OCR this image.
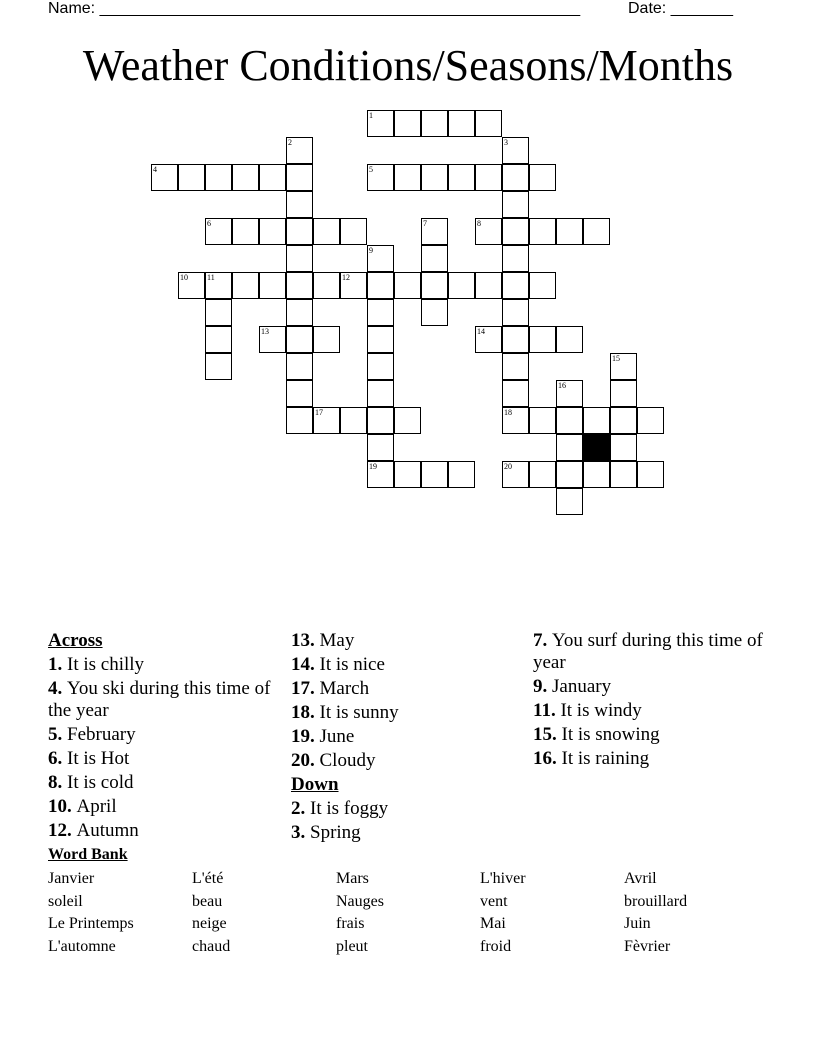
Name: ______________________________________________________	Date: _______
Weather Conditions/Seasons/Months
1
2	3
18
4	5
6	7	8
9
10 11	12
13	14
15
16
17
19	20
Across
1. It is chilly
4. You ski during this time of the year
5. February
6. It is Hot
8. It is cold
10. April
12. Autumn
13. May
14. It is nice
17. March
18. It is sunny
19. June
20. Cloudy
Down
2. It is foggy
3. Spring
7. You surf during this time of year
9. January
11. It is windy
15. It is snowing
16. It is raining
Word Bank
Janvier	L'été	Mars	L'hiver	Avril
soleil	beau	Nauges	vent	brouillard
Le Printemps	neige	frais	Mai	Juin
L'automne	chaud	pleut	froid	Fèvrier
